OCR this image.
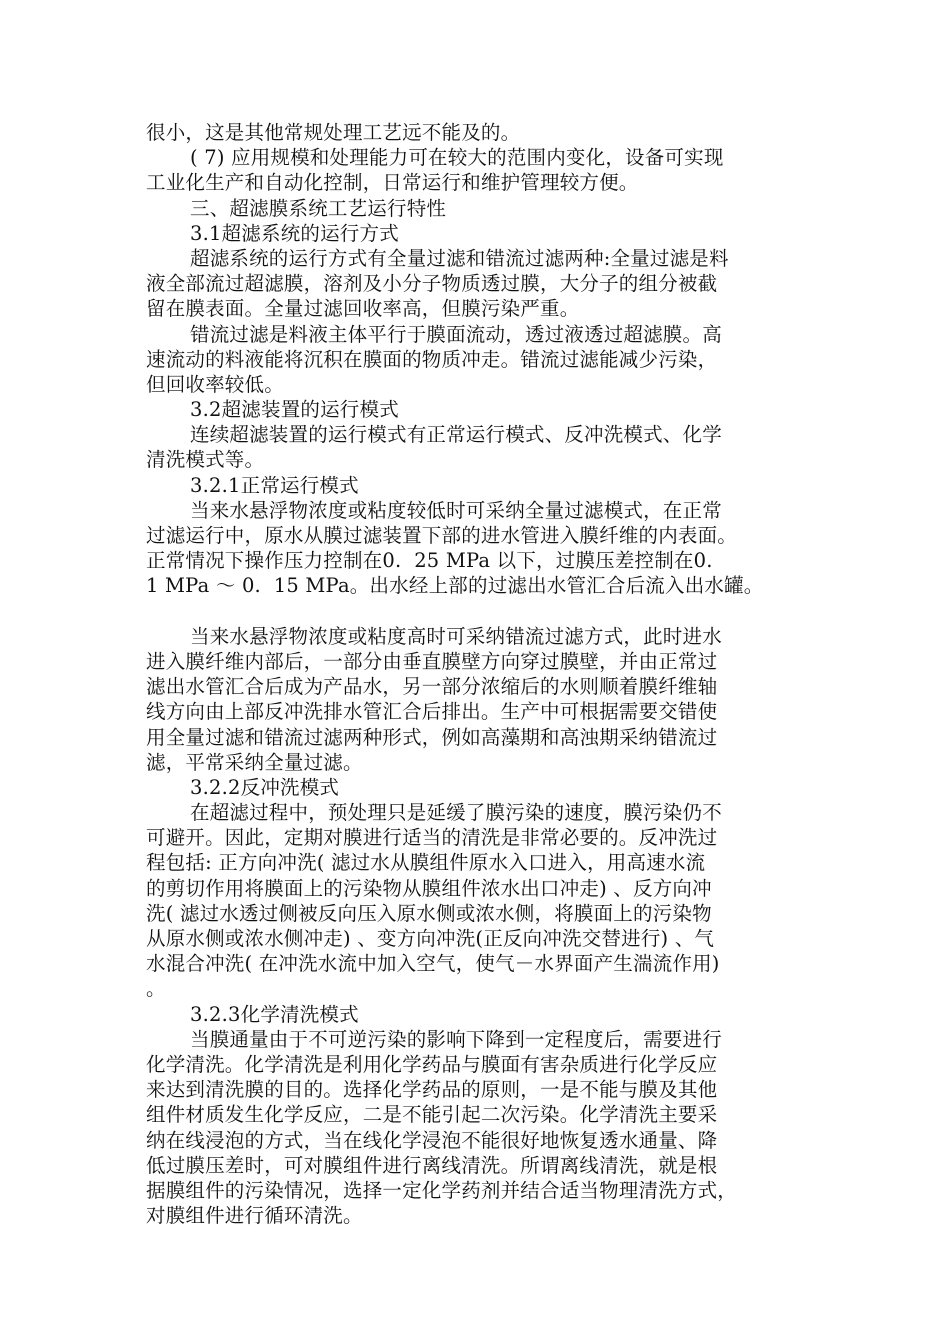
很小，这是其他常规处理工艺远不能及的。
( 7) 应用规模和处理能力可在较大的范围内变化，设备可实现
工业化生产和自动化控制，日常运行和维护管理较方便。
三、超滤膜系统工艺运行特性
3.1超滤系统的运行方式
超滤系统的运行方式有全量过滤和错流过滤两种:全量过滤是料
液全部流过超滤膜，溶剂及小分子物质透过膜，大分子的组分被截
留在膜表面。全量过滤回收率高，但膜污染严重。
错流过滤是料液主体平行于膜面流动，透过液透过超滤膜。高
速流动的料液能将沉积在膜面的物质冲走。错流过滤能减少污染，
但回收率较低。
3.2超滤装置的运行模式
连续超滤装置的运行模式有正常运行模式、反冲洗模式、化学
清洗模式等。
3.2.1正常运行模式
当来水悬浮物浓度或粘度较低时可采纳全量过滤模式，在正常
过滤运行中，原水从膜过滤装置下部的进水管进入膜纤维的内表面。
正常情况下操作压力控制在0.  25 MPa 以下，过膜压差控制在0.
1 MPa ～ 0.  15 MPa。出水经上部的过滤出水管汇合后流入出水罐。
当来水悬浮物浓度或粘度高时可采纳错流过滤方式，此时进水
进入膜纤维内部后，一部分由垂直膜壁方向穿过膜壁，并由正常过
滤出水管汇合后成为产品水，另一部分浓缩后的水则顺着膜纤维轴
线方向由上部反冲洗排水管汇合后排出。生产中可根据需要交错使
用全量过滤和错流过滤两种形式，例如高藻期和高浊期采纳错流过
滤，平常采纳全量过滤。
3.2.2反冲洗模式
在超滤过程中，预处理只是延缓了膜污染的速度，膜污染仍不
可避开。因此，定期对膜进行适当的清洗是非常必要的。反冲洗过
程包括: 正方向冲洗( 滤过水从膜组件原水入口进入，用高速水流
的剪切作用将膜面上的污染物从膜组件浓水出口冲走) 、反方向冲
洗( 滤过水透过侧被反向压入原水侧或浓水侧，将膜面上的污染物
从原水侧或浓水侧冲走) 、变方向冲洗(正反向冲洗交替进行) 、气
水混合冲洗( 在冲洗水流中加入空气，使气－水界面产生湍流作用)
。
3.2.3化学清洗模式
当膜通量由于不可逆污染的影响下降到一定程度后，需要进行
化学清洗。化学清洗是利用化学药品与膜面有害杂质进行化学反应
来达到清洗膜的目的。选择化学药品的原则，一是不能与膜及其他
组件材质发生化学反应，二是不能引起二次污染。化学清洗主要采
纳在线浸泡的方式，当在线化学浸泡不能很好地恢复透水通量、降
低过膜压差时，可对膜组件进行离线清洗。所谓离线清洗，就是根
据膜组件的污染情况，选择一定化学药剂并结合适当物理清洗方式，
对膜组件进行循环清洗。
